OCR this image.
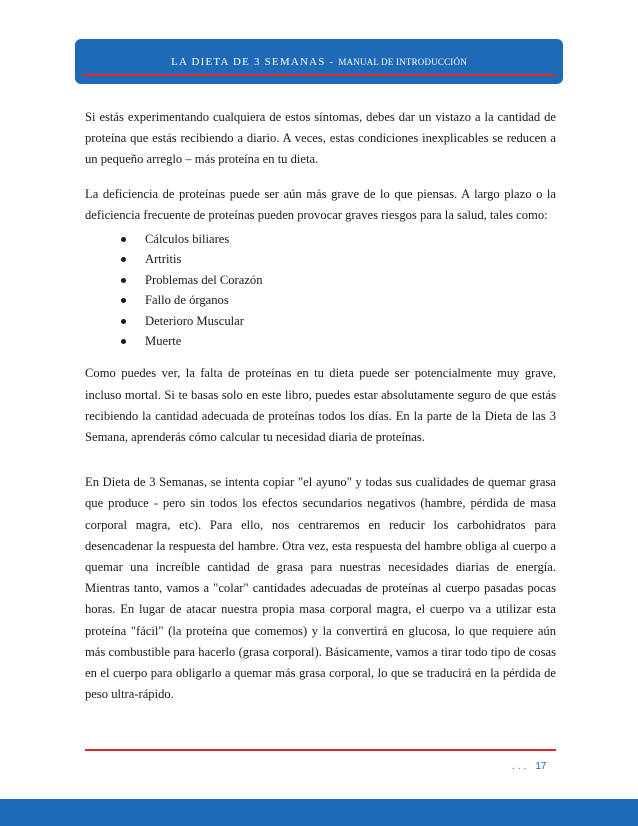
LA DIETA DE 3 SEMANAS - MANUAL DE INTRODUCCIÓN

Si estás experimentando cualquiera de estos síntomas, debes dar un vistazo a la cantidad de proteína que estás recibiendo a diario. A veces, estas condiciones inexplicables se reducen a un pequeño arreglo – más proteína en tu dieta.

La deficiencia de proteínas puede ser aún más grave de lo que piensas. A largo plazo o la deficiencia frecuente de proteínas pueden provocar graves riesgos para la salud, tales como:

Cálculos biliares
Artritis
Problemas del Corazón
Fallo de órganos
Deterioro Muscular
Muerte

Como puedes ver, la falta de proteínas en tu dieta puede ser potencialmente muy grave, incluso mortal. Si te basas solo en este libro, puedes estar absolutamente seguro de que estás recibiendo la cantidad adecuada de proteínas todos los días. En la parte de la Dieta de las 3 Semana, aprenderás cómo calcular tu necesidad diaria de proteínas.

En Dieta de 3 Semanas, se intenta copiar "el ayuno" y todas sus cualidades de quemar grasa que produce - pero sin todos los efectos secundarios negativos (hambre, pérdida de masa corporal magra, etc). Para ello, nos centraremos en reducir los carbohidratos para desencadenar la respuesta del hambre. Otra vez, esta respuesta del hambre obliga al cuerpo a quemar una increíble cantidad de grasa para nuestras necesidades diarias de energía. Mientras tanto, vamos a "colar" cantidades adecuadas de proteínas al cuerpo pasadas pocas horas. En lugar de atacar nuestra propia masa corporal magra, el cuerpo va a utilizar esta proteína "fácil" (la proteína que comemos) y la convertirá en glucosa, lo que requiere aún más combustible para hacerlo (grasa corporal). Básicamente, vamos a tirar todo tipo de cosas en el cuerpo para obligarlo a quemar más grasa corporal, lo que se traducirá en la pérdida de peso ultra-rápido.

... 17
